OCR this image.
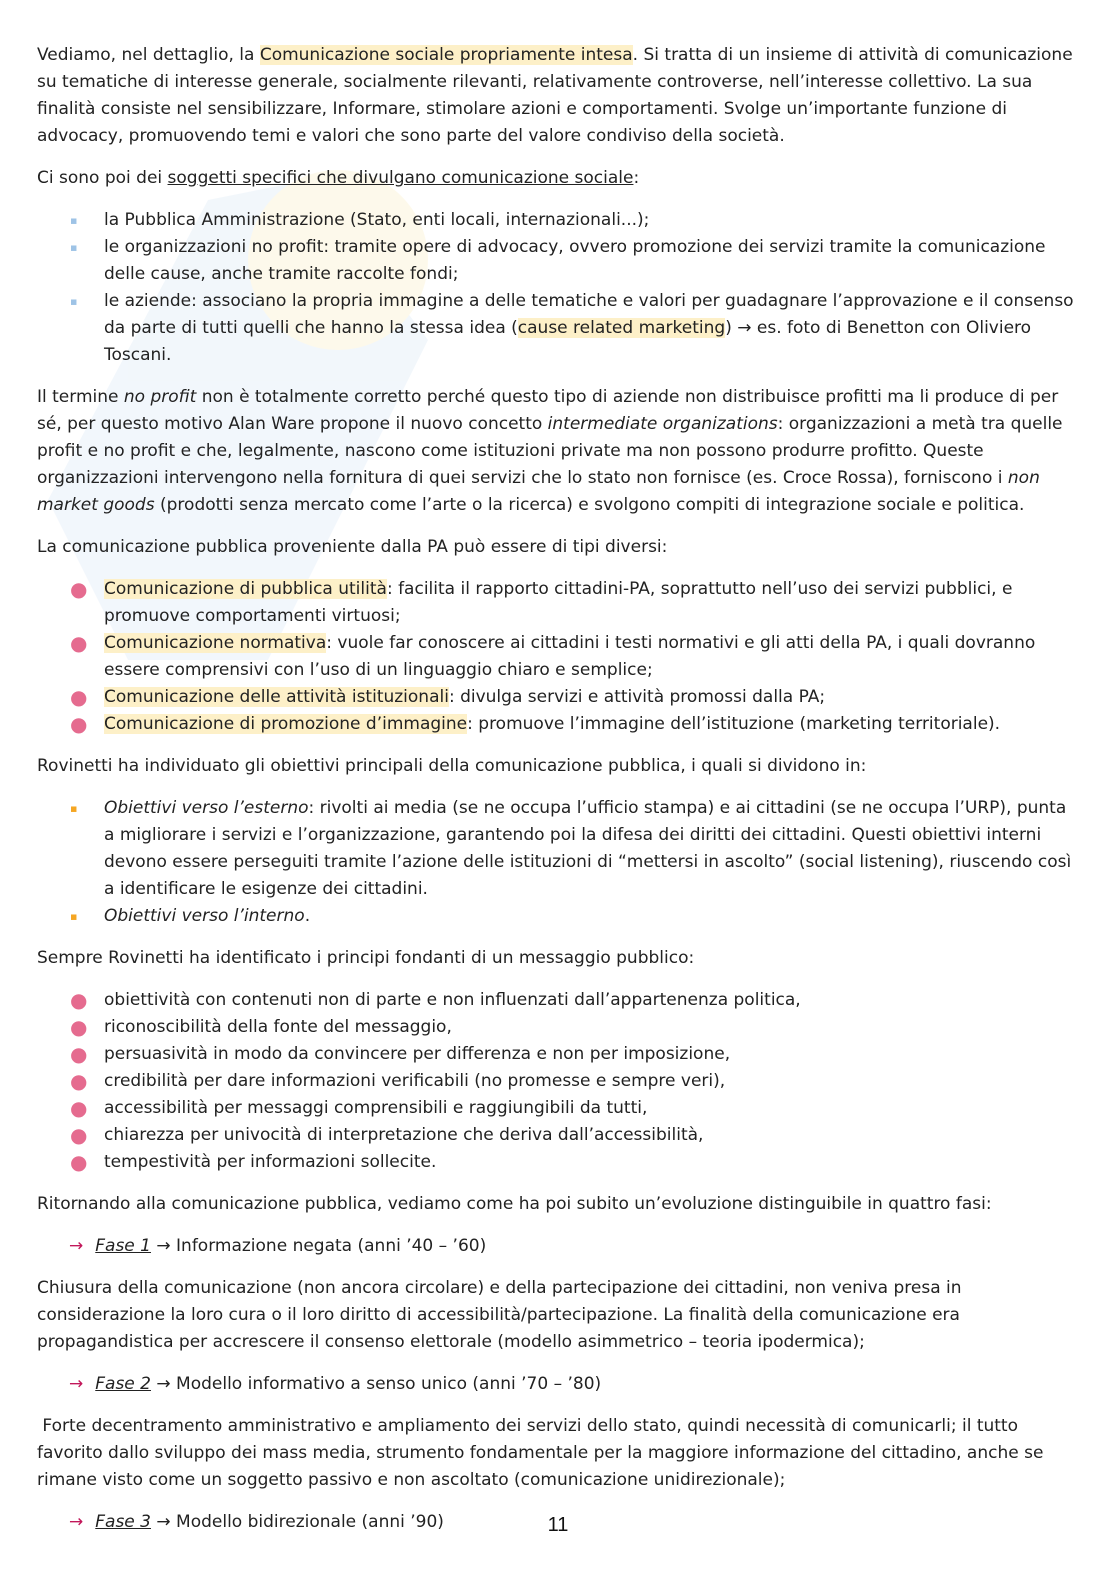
Vediamo, nel dettaglio, la Comunicazione sociale propriamente intesa. Si tratta di un insieme di attività di comunicazione su tematiche di interesse generale, socialmente rilevanti, relativamente controverse, nell’interesse collettivo. La sua finalità consiste nel sensibilizzare, Informare, stimolare azioni e comportamenti. Svolge un’importante funzione di advocacy, promuovendo temi e valori che sono parte del valore condiviso della società.

Ci sono poi dei soggetti specifici che divulgano comunicazione sociale:

▪	la Pubblica Amministrazione (Stato, enti locali, internazionali...);
▪	le organizzazioni no profit: tramite opere di advocacy, ovvero promozione dei servizi tramite la comunicazione delle cause, anche tramite raccolte fondi;
▪	le aziende: associano la propria immagine a delle tematiche e valori per guadagnare l’approvazione e il consenso da parte di tutti quelli che hanno la stessa idea (cause related marketing) → es. foto di Benetton con Oliviero Toscani.

Il termine no profit non è totalmente corretto perché questo tipo di aziende non distribuisce profitti ma li produce di per sé, per questo motivo Alan Ware propone il nuovo concetto intermediate organizations: organizzazioni a metà tra quelle profit e no profit e che, legalmente, nascono come istituzioni private ma non possono produrre profitto. Queste organizzazioni intervengono nella fornitura di quei servizi che lo stato non fornisce (es. Croce Rossa), forniscono i non market goods (prodotti senza mercato come l’arte o la ricerca) e svolgono compiti di integrazione sociale e politica.

La comunicazione pubblica proveniente dalla PA può essere di tipi diversi:

● Comunicazione di pubblica utilità: facilita il rapporto cittadini-PA, soprattutto nell’uso dei servizi pubblici, e promuove comportamenti virtuosi;
● Comunicazione normativa: vuole far conoscere ai cittadini i testi normativi e gli atti della PA, i quali dovranno essere comprensivi con l’uso di un linguaggio chiaro e semplice;
● Comunicazione delle attività istituzionali: divulga servizi e attività promossi dalla PA;
● Comunicazione di promozione d’immagine: promuove l’immagine dell’istituzione (marketing territoriale).

Rovinetti ha individuato gli obiettivi principali della comunicazione pubblica, i quali si dividono in:

▪	Obiettivi verso l’esterno: rivolti ai media (se ne occupa l’ufficio stampa) e ai cittadini (se ne occupa l’URP), punta a migliorare i servizi e l’organizzazione, garantendo poi la difesa dei diritti dei cittadini. Questi obiettivi interni devono essere perseguiti tramite l’azione delle istituzioni di “mettersi in ascolto” (social listening), riuscendo così a identificare le esigenze dei cittadini.
▪	Obiettivi verso l’interno.

Sempre Rovinetti ha identificato i principi fondanti di un messaggio pubblico:

● obiettività con contenuti non di parte e non influenzati dall’appartenenza politica,
● riconoscibilità della fonte del messaggio,
● persuasività in modo da convincere per differenza e non per imposizione,
● credibilità per dare informazioni verificabili (no promesse e sempre veri),
● accessibilità per messaggi comprensibili e raggiungibili da tutti,
● chiarezza per univocità di interpretazione che deriva dall’accessibilità,
● tempestività per informazioni sollecite.

Ritornando alla comunicazione pubblica, vediamo come ha poi subito un’evoluzione distinguibile in quattro fasi:

→ Fase 1 → Informazione negata (anni ’40 – ’60)

Chiusura della comunicazione (non ancora circolare) e della partecipazione dei cittadini, non veniva presa in considerazione la loro cura o il loro diritto di accessibilità/partecipazione. La finalità della comunicazione era propagandistica per accrescere il consenso elettorale (modello asimmetrico – teoria ipodermica);

→ Fase 2 → Modello informativo a senso unico (anni ’70 – ’80)

Forte decentramento amministrativo e ampliamento dei servizi dello stato, quindi necessità di comunicarli; il tutto favorito dallo sviluppo dei mass media, strumento fondamentale per la maggiore informazione del cittadino, anche se rimane visto come un soggetto passivo e non ascoltato (comunicazione unidirezionale);

→ Fase 3 → Modello bidirezionale (anni ’90)	11
